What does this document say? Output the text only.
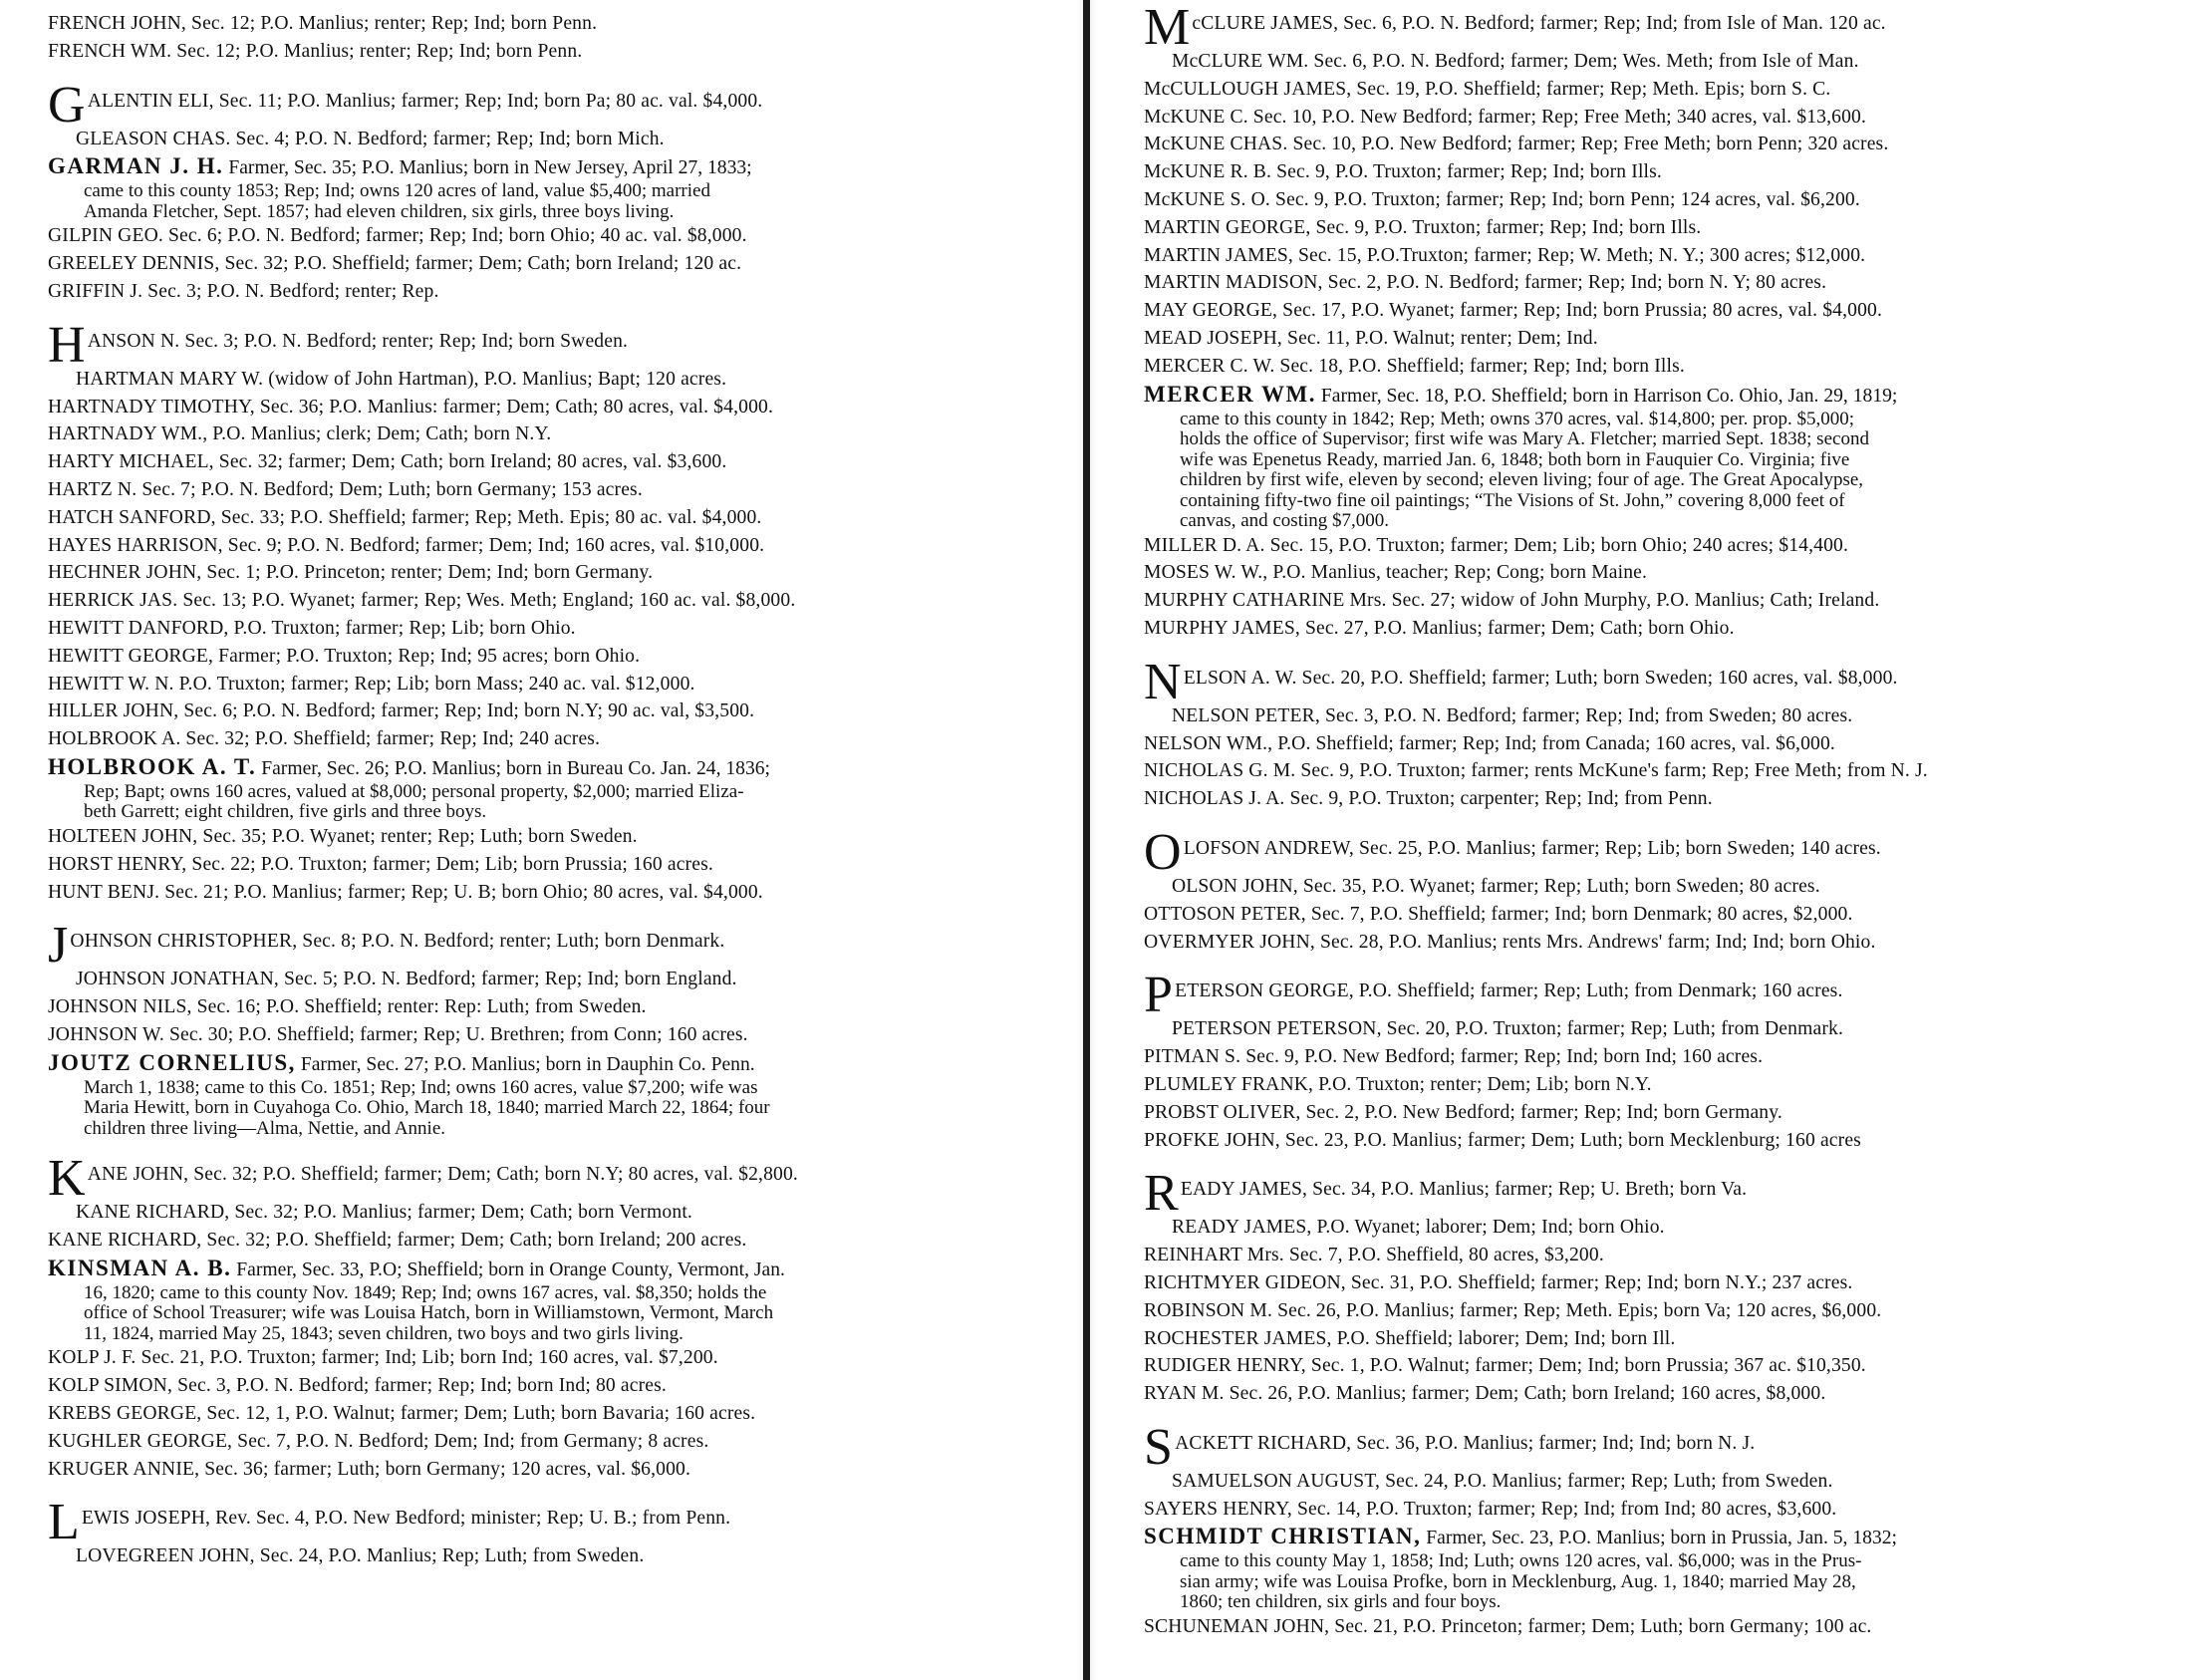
FRENCH JOHN, Sec. 12; P.O. Manlius; renter; Rep; Ind; born Penn.
FRENCH WM. Sec. 12; P.O. Manlius; renter; Rep; Ind; born Penn.
GALENTIN ELI, Sec. 11; P.O. Manlius; farmer; Rep; Ind; born Pa; 80 ac. val. $4,000.
GLEASON CHAS. Sec. 4; P.O. N. Bedford; farmer; Rep; Ind; born Mich.
GARMAN J. H. Farmer, Sec. 35; P.O. Manlius; born in New Jersey, April 27, 1833;
came to this county 1853; Rep; Ind; owns 120 acres of land, value $5,400; married
Amanda Fletcher, Sept. 1857; had eleven children, six girls, three boys living.
GILPIN GEO. Sec. 6; P.O. N. Bedford; farmer; Rep; Ind; born Ohio; 40 ac. val. $8,000.
GREELEY DENNIS, Sec. 32; P.O. Sheffield; farmer; Dem; Cath; born Ireland; 120 ac.
GRIFFIN J. Sec. 3; P.O. N. Bedford; renter; Rep.
HANSON N. Sec. 3; P.O. N. Bedford; renter; Rep; Ind; born Sweden.
HARTMAN MARY W. (widow of John Hartman), P.O. Manlius; Bapt; 120 acres.
HARTNADY TIMOTHY, Sec. 36; P.O. Manlius: farmer; Dem; Cath; 80 acres, val. $4,000.
HARTNADY WM., P.O. Manlius; clerk; Dem; Cath; born N.Y.
HARTY MICHAEL, Sec. 32; farmer; Dem; Cath; born Ireland; 80 acres, val. $3,600.
HARTZ N. Sec. 7; P.O. N. Bedford; Dem; Luth; born Germany; 153 acres.
HATCH SANFORD, Sec. 33; P.O. Sheffield; farmer; Rep; Meth. Epis; 80 ac. val. $4,000.
HAYES HARRISON, Sec. 9; P.O. N. Bedford; farmer; Dem; Ind; 160 acres, val. $10,000.
HECHNER JOHN, Sec. 1; P.O. Princeton; renter; Dem; Ind; born Germany.
HERRICK JAS. Sec. 13; P.O. Wyanet; farmer; Rep; Wes. Meth; England; 160 ac. val. $8,000.
HEWITT DANFORD, P.O. Truxton; farmer; Rep; Lib; born Ohio.
HEWITT GEORGE, Farmer; P.O. Truxton; Rep; Ind; 95 acres; born Ohio.
HEWITT W. N. P.O. Truxton; farmer; Rep; Lib; born Mass; 240 ac. val. $12,000.
HILLER JOHN, Sec. 6; P.O. N. Bedford; farmer; Rep; Ind; born N.Y; 90 ac. val, $3,500.
HOLBROOK A. Sec. 32; P.O. Sheffield; farmer; Rep; Ind; 240 acres.
HOLBROOK A. T. Farmer, Sec. 26; P.O. Manlius; born in Bureau Co. Jan. 24, 1836;
Rep; Bapt; owns 160 acres, valued at $8,000; personal property, $2,000; married Eliza-
beth Garrett; eight children, five girls and three boys.
HOLTEEN JOHN, Sec. 35; P.O. Wyanet; renter; Rep; Luth; born Sweden.
HORST HENRY, Sec. 22; P.O. Truxton; farmer; Dem; Lib; born Prussia; 160 acres.
HUNT BENJ. Sec. 21; P.O. Manlius; farmer; Rep; U. B; born Ohio; 80 acres, val. $4,000.
JOHNSON CHRISTOPHER, Sec. 8; P.O. N. Bedford; renter; Luth; born Denmark.
JOHNSON JONATHAN, Sec. 5; P.O. N. Bedford; farmer; Rep; Ind; born England.
JOHNSON NILS, Sec. 16; P.O. Sheffield; renter: Rep: Luth; from Sweden.
JOHNSON W. Sec. 30; P.O. Sheffield; farmer; Rep; U. Brethren; from Conn; 160 acres.
JOUTZ CORNELIUS, Farmer, Sec. 27; P.O. Manlius; born in Dauphin Co. Penn.
March 1, 1838; came to this Co. 1851; Rep; Ind; owns 160 acres, value $7,200; wife was
Maria Hewitt, born in Cuyahoga Co. Ohio, March 18, 1840; married March 22, 1864; four
children three living—Alma, Nettie, and Annie.
KANE JOHN, Sec. 32; P.O. Sheffield; farmer; Dem; Cath; born N.Y; 80 acres, val. $2,800.
KANE RICHARD, Sec. 32; P.O. Manlius; farmer; Dem; Cath; born Vermont.
KANE RICHARD, Sec. 32; P.O. Sheffield; farmer; Dem; Cath; born Ireland; 200 acres.
KINSMAN A. B. Farmer, Sec. 33, P.O; Sheffield; born in Orange County, Vermont, Jan.
16, 1820; came to this county Nov. 1849; Rep; Ind; owns 167 acres, val. $8,350; holds the
office of School Treasurer; wife was Louisa Hatch, born in Williamstown, Vermont, March
11, 1824, married May 25, 1843; seven children, two boys and two girls living.
KOLP J. F. Sec. 21, P.O. Truxton; farmer; Ind; Lib; born Ind; 160 acres, val. $7,200.
KOLP SIMON, Sec. 3, P.O. N. Bedford; farmer; Rep; Ind; born Ind; 80 acres.
KREBS GEORGE, Sec. 12, 1, P.O. Walnut; farmer; Dem; Luth; born Bavaria; 160 acres.
KUGHLER GEORGE, Sec. 7, P.O. N. Bedford; Dem; Ind; from Germany; 8 acres.
KRUGER ANNIE, Sec. 36; farmer; Luth; born Germany; 120 acres, val. $6,000.
LEWIS JOSEPH, Rev. Sec. 4, P.O. New Bedford; minister; Rep; U. B.; from Penn.
LOVEGREEN JOHN, Sec. 24, P.O. Manlius; Rep; Luth; from Sweden.
McCLURE JAMES, Sec. 6, P.O. N. Bedford; farmer; Rep; Ind; from Isle of Man. 120 ac.
McCLURE WM. Sec. 6, P.O. N. Bedford; farmer; Dem; Wes. Meth; from Isle of Man.
McCULLOUGH JAMES, Sec. 19, P.O. Sheffield; farmer; Rep; Meth. Epis; born S. C.
McKUNE C. Sec. 10, P.O. New Bedford; farmer; Rep; Free Meth; 340 acres, val. $13,600.
McKUNE CHAS. Sec. 10, P.O. New Bedford; farmer; Rep; Free Meth; born Penn; 320 acres.
McKUNE R. B. Sec. 9, P.O. Truxton; farmer; Rep; Ind; born Ills.
McKUNE S. O. Sec. 9, P.O. Truxton; farmer; Rep; Ind; born Penn; 124 acres, val. $6,200.
MARTIN GEORGE, Sec. 9, P.O. Truxton; farmer; Rep; Ind; born Ills.
MARTIN JAMES, Sec. 15, P.O.Truxton; farmer; Rep; W. Meth; N. Y.; 300 acres; $12,000.
MARTIN MADISON, Sec. 2, P.O. N. Bedford; farmer; Rep; Ind; born N. Y; 80 acres.
MAY GEORGE, Sec. 17, P.O. Wyanet; farmer; Rep; Ind; born Prussia; 80 acres, val. $4,000.
MEAD JOSEPH, Sec. 11, P.O. Walnut; renter; Dem; Ind.
MERCER C. W. Sec. 18, P.O. Sheffield; farmer; Rep; Ind; born Ills.
MERCER WM. Farmer, Sec. 18, P.O. Sheffield; born in Harrison Co. Ohio, Jan. 29, 1819;
came to this county in 1842; Rep; Meth; owns 370 acres, val. $14,800; per. prop. $5,000;
holds the office of Supervisor; first wife was Mary A. Fletcher; married Sept. 1838; second
wife was Epenetus Ready, married Jan. 6, 1848; both born in Fauquier Co. Virginia; five
children by first wife, eleven by second; eleven living; four of age. The Great Apocalypse,
containing fifty-two fine oil paintings; “The Visions of St. John,” covering 8,000 feet of
canvas, and costing $7,000.
MILLER D. A. Sec. 15, P.O. Truxton; farmer; Dem; Lib; born Ohio; 240 acres; $14,400.
MOSES W. W., P.O. Manlius, teacher; Rep; Cong; born Maine.
MURPHY CATHARINE Mrs. Sec. 27; widow of John Murphy, P.O. Manlius; Cath; Ireland.
MURPHY JAMES, Sec. 27, P.O. Manlius; farmer; Dem; Cath; born Ohio.
NELSON A. W. Sec. 20, P.O. Sheffield; farmer; Luth; born Sweden; 160 acres, val. $8,000.
NELSON PETER, Sec. 3, P.O. N. Bedford; farmer; Rep; Ind; from Sweden; 80 acres.
NELSON WM., P.O. Sheffield; farmer; Rep; Ind; from Canada; 160 acres, val. $6,000.
NICHOLAS G. M. Sec. 9, P.O. Truxton; farmer; rents McKune's farm; Rep; Free Meth; from N. J.
NICHOLAS J. A. Sec. 9, P.O. Truxton; carpenter; Rep; Ind; from Penn.
OLOFSON ANDREW, Sec. 25, P.O. Manlius; farmer; Rep; Lib; born Sweden; 140 acres.
OLSON JOHN, Sec. 35, P.O. Wyanet; farmer; Rep; Luth; born Sweden; 80 acres.
OTTOSON PETER, Sec. 7, P.O. Sheffield; farmer; Ind; born Denmark; 80 acres, $2,000.
OVERMYER JOHN, Sec. 28, P.O. Manlius; rents Mrs. Andrews' farm; Ind; Ind; born Ohio.
PETERSON GEORGE, P.O. Sheffield; farmer; Rep; Luth; from Denmark; 160 acres.
PETERSON PETERSON, Sec. 20, P.O. Truxton; farmer; Rep; Luth; from Denmark.
PITMAN S. Sec. 9, P.O. New Bedford; farmer; Rep; Ind; born Ind; 160 acres.
PLUMLEY FRANK, P.O. Truxton; renter; Dem; Lib; born N.Y.
PROBST OLIVER, Sec. 2, P.O. New Bedford; farmer; Rep; Ind; born Germany.
PROFKE JOHN, Sec. 23, P.O. Manlius; farmer; Dem; Luth; born Mecklenburg; 160 acres
READY JAMES, Sec. 34, P.O. Manlius; farmer; Rep; U. Breth; born Va.
READY JAMES, P.O. Wyanet; laborer; Dem; Ind; born Ohio.
REINHART Mrs. Sec. 7, P.O. Sheffield, 80 acres, $3,200.
RICHTMYER GIDEON, Sec. 31, P.O. Sheffield; farmer; Rep; Ind; born N.Y.; 237 acres.
ROBINSON M. Sec. 26, P.O. Manlius; farmer; Rep; Meth. Epis; born Va; 120 acres, $6,000.
ROCHESTER JAMES, P.O. Sheffield; laborer; Dem; Ind; born Ill.
RUDIGER HENRY, Sec. 1, P.O. Walnut; farmer; Dem; Ind; born Prussia; 367 ac. $10,350.
RYAN M. Sec. 26, P.O. Manlius; farmer; Dem; Cath; born Ireland; 160 acres, $8,000.
SACKETT RICHARD, Sec. 36, P.O. Manlius; farmer; Ind; Ind; born N. J.
SAMUELSON AUGUST, Sec. 24, P.O. Manlius; farmer; Rep; Luth; from Sweden.
SAYERS HENRY, Sec. 14, P.O. Truxton; farmer; Rep; Ind; from Ind; 80 acres, $3,600.
SCHMIDT CHRISTIAN, Farmer, Sec. 23, P.O. Manlius; born in Prussia, Jan. 5, 1832;
came to this county May 1, 1858; Ind; Luth; owns 120 acres, val. $6,000; was in the Prus-
sian army; wife was Louisa Profke, born in Mecklenburg, Aug. 1, 1840; married May 28,
1860; ten children, six girls and four boys.
SCHUNEMAN JOHN, Sec. 21, P.O. Princeton; farmer; Dem; Luth; born Germany; 100 ac.
